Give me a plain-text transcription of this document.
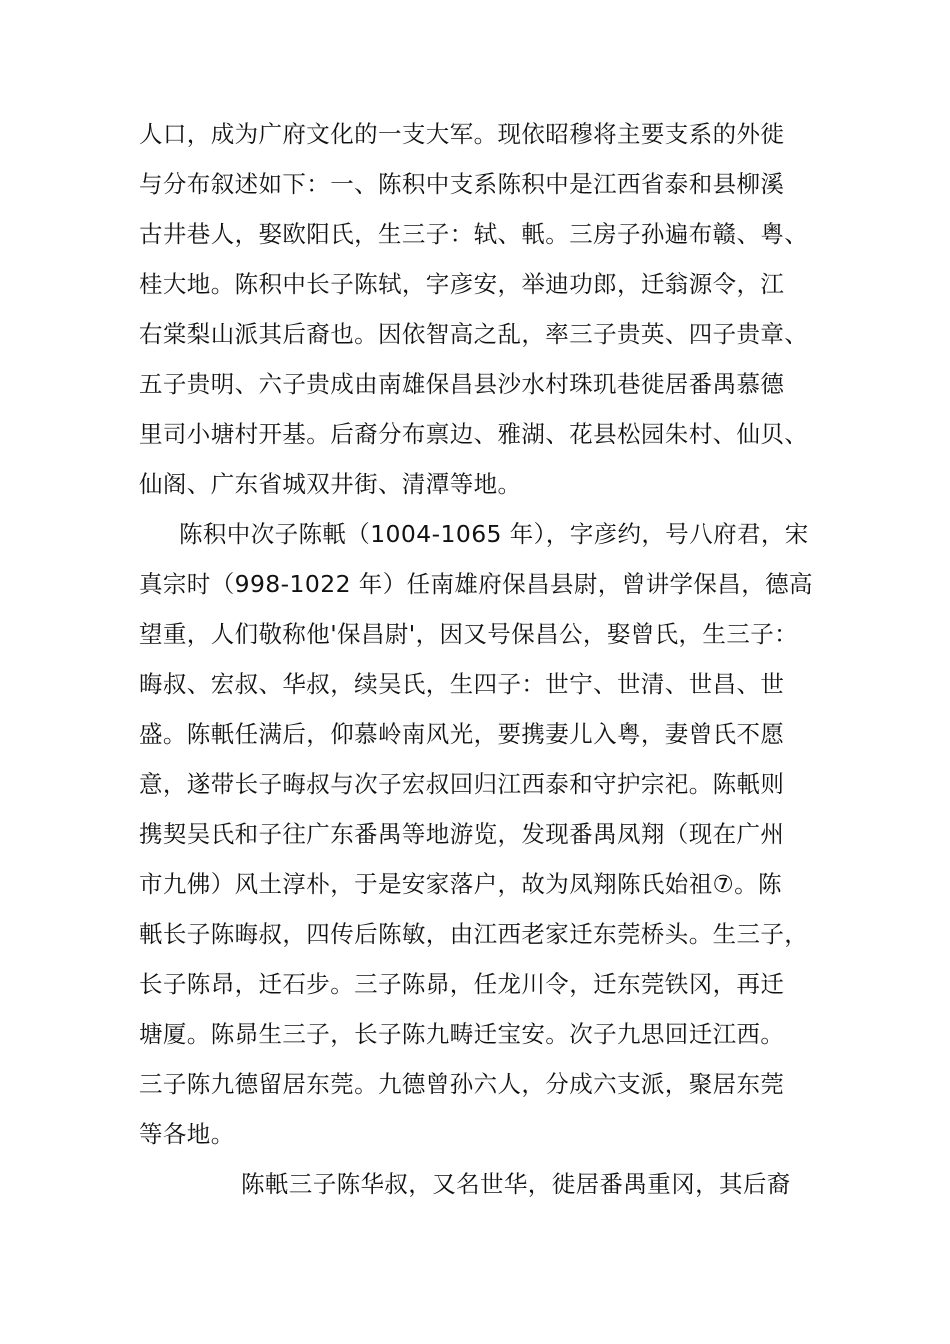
人口，成为广府文化的一支大军。现依昭穆将主要支系的外徙
与分布叙述如下：一、陈积中支系陈积中是江西省泰和县柳溪
古井巷人，娶欧阳氏，生三子：轼、軝。三房子孙遍布赣、粤、
桂大地。陈积中长子陈轼，字彦安，举迪功郎，迁翁源令，江
右棠梨山派其后裔也。因依智高之乱，率三子贵英、四子贵章、
五子贵明、六子贵成由南雄保昌县沙水村珠玑巷徙居番禺慕德
里司小塘村开基。后裔分布禀边、雅湖、花县松园朱村、仙贝、
仙阁、广东省城双井街、清潭等地。
陈积中次子陈軝（1004-1065 年），字彦约，号八府君，宋
真宗时（998-1022 年）任南雄府保昌县尉，曾讲学保昌，德高
望重，人们敬称他'保昌尉'，因又号保昌公，娶曾氏，生三子：
晦叔、宏叔、华叔，续吴氏，生四子：世宁、世清、世昌、世
盛。陈軝任满后，仰慕岭南风光，要携妻儿入粤，妻曾氏不愿
意，遂带长子晦叔与次子宏叔回归江西泰和守护宗祀。陈軝则
携契吴氏和子往广东番禺等地游览，发现番禺凤翔（现在广州
市九佛）风土淳朴，于是安家落户，故为凤翔陈氏始祖⑦。陈
軝长子陈晦叔，四传后陈敏，由江西老家迁东莞桥头。生三子，
长子陈昂，迁石步。三子陈昴，任龙川令，迁东莞铁冈，再迁
塘厦。陈昴生三子，长子陈九畴迁宝安。次子九思回迁江西。
三子陈九德留居东莞。九德曾孙六人，分成六支派，聚居东莞
等各地。
陈軝三子陈华叔，又名世华，徙居番禺重冈，其后裔
